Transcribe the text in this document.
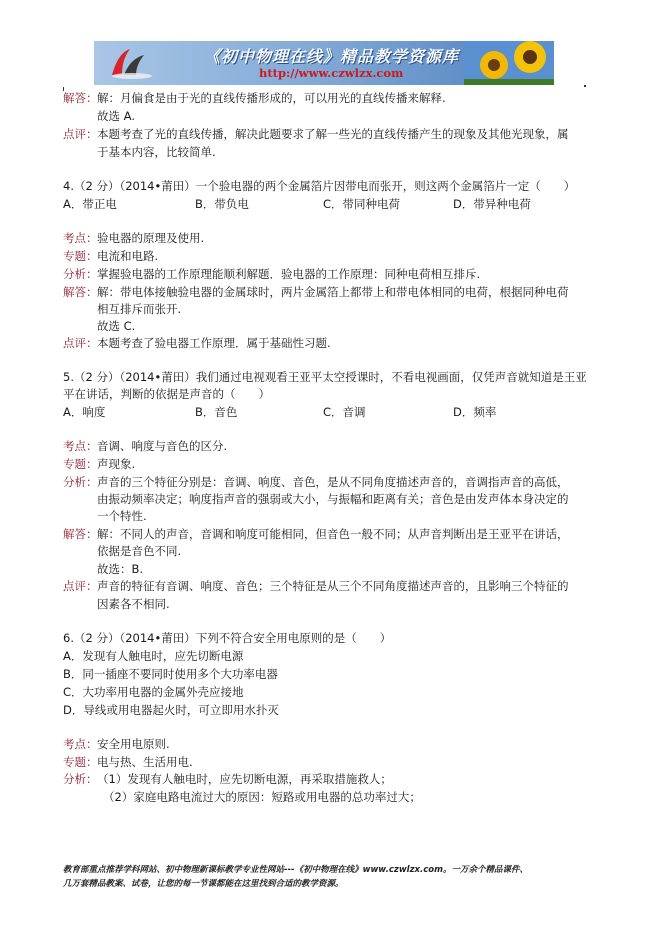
《初中物理在线》精品教学资源库
http://www.czwlzx.com
解答：解：月偏食是由于光的直线传播形成的，可以用光的直线传播来解释.
故选 A.
点评：本题考查了光的直线传播，解决此题要求了解一些光的直线传播产生的现象及其他光现象，属
于基本内容，比较简单.
4.（2 分）（2014•莆田）一个验电器的两个金属箔片因带电而张开，则这两个金属箔片一定（　　）
A．带正电	B．带负电	C．带同种电荷	D．带异种电荷
考点：验电器的原理及使用.
专题：电流和电路.
分析：掌握验电器的工作原理能顺利解题．验电器的工作原理：同种电荷相互排斥.
解答：解：带电体接触验电器的金属球时，两片金属箔上都带上和带电体相同的电荷，根据同种电荷
相互排斥而张开.
故选 C.
点评：本题考查了验电器工作原理．属于基础性习题.
5.（2 分）（2014•莆田）我们通过电视观看王亚平太空授课时，不看电视画面，仅凭声音就知道是王亚
平在讲话，判断的依据是声音的（　　）
A．响度	B．音色	C．音调	D．频率
考点：音调、响度与音色的区分.
专题：声现象.
分析：声音的三个特征分别是：音调、响度、音色，是从不同角度描述声音的，音调指声音的高低，
由振动频率决定；响度指声音的强弱或大小，与振幅和距离有关；音色是由发声体本身决定的
一个特性.
解答：解：不同人的声音，音调和响度可能相同，但音色一般不同；从声音判断出是王亚平在讲话，
依据是音色不同.
故选：B.
点评：声音的特征有音调、响度、音色；三个特征是从三个不同角度描述声音的，且影响三个特征的
因素各不相同.
6.（2 分）（2014•莆田）下列不符合安全用电原则的是（　　）
A．发现有人触电时，应先切断电源
B．同一插座不要同时使用多个大功率电器
C．大功率用电器的金属外壳应接地
D．导线或用电器起火时，可立即用水扑灭
考点：安全用电原则.
专题：电与热、生活用电.
分析：（1）发现有人触电时，应先切断电源，再采取措施救人；
（2）家庭电路电流过大的原因：短路或用电器的总功率过大；
教育部重点推荐学科网站、初中物理新课标教学专业性网站---《初中物理在线》www.czwlzx.com。一万余个精品课件、
几万套精品教案、试卷，让您的每一节课都能在这里找到合适的教学资源。
